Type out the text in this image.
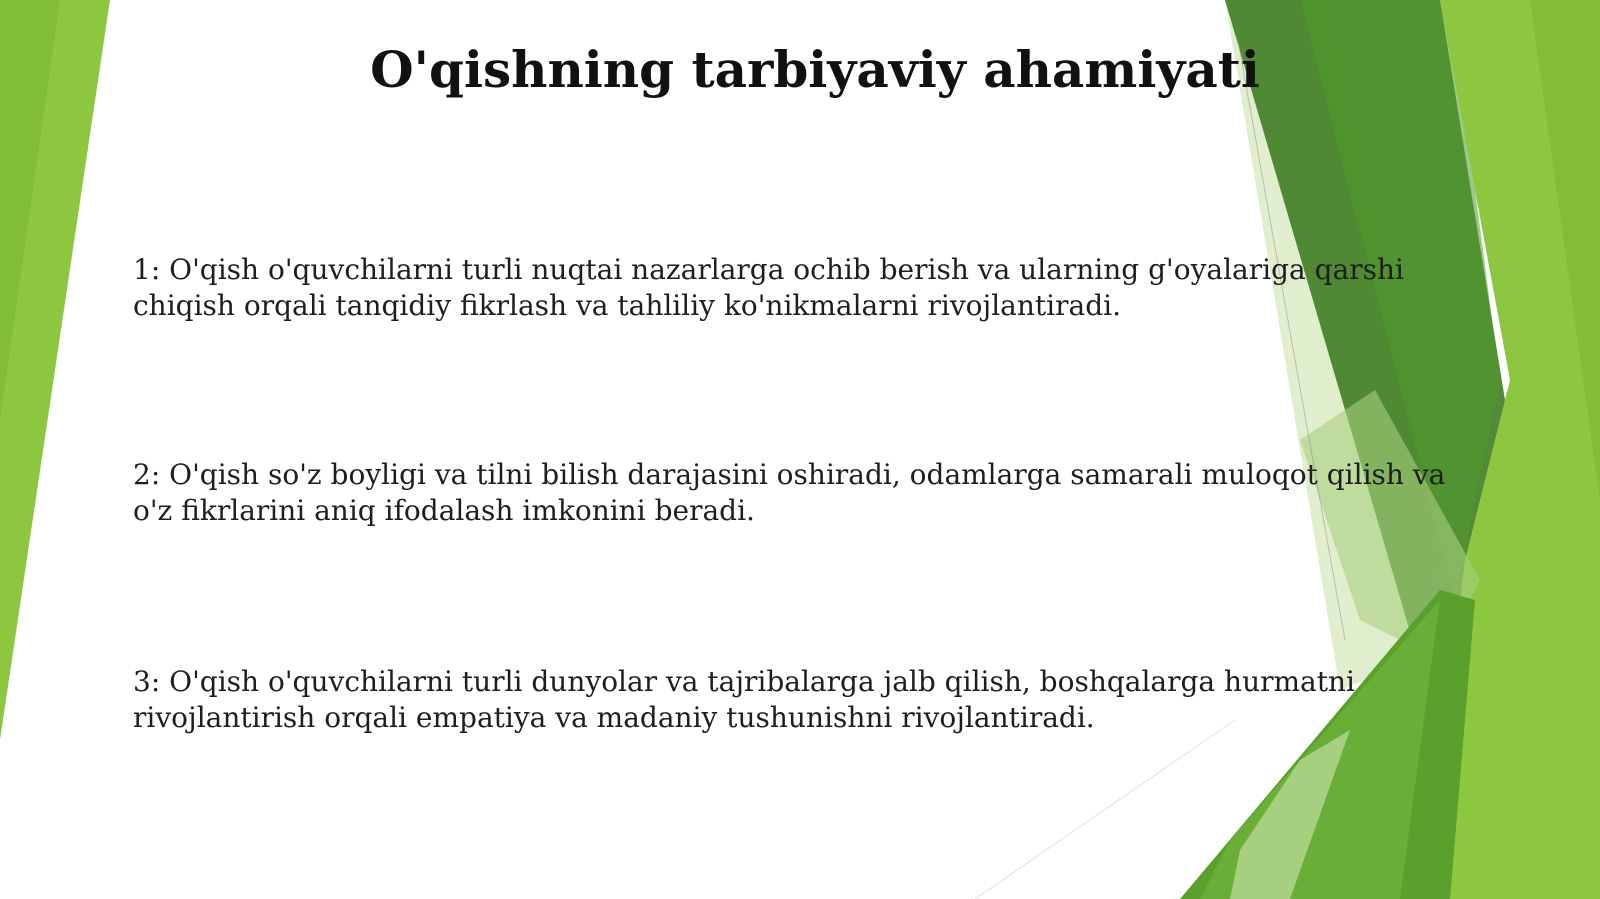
O'qishning tarbiyaviy ahamiyati
1: O'qish o'quvchilarni turli nuqtai nazarlarga ochib berish va ularning g'oyalariga qarshi chiqish orqali tanqidiy fikrlash va tahliliy ko'nikmalarni rivojlantiradi.
2: O'qish so'z boyligi va tilni bilish darajasini oshiradi, odamlarga samarali muloqot qilish va o'z fikrlarini aniq ifodalash imkonini beradi.
3: O'qish o'quvchilarni turli dunyolar va tajribalarga jalb qilish, boshqalarga hurmatni rivojlantirish orqali empatiya va madaniy tushunishni rivojlantiradi.
